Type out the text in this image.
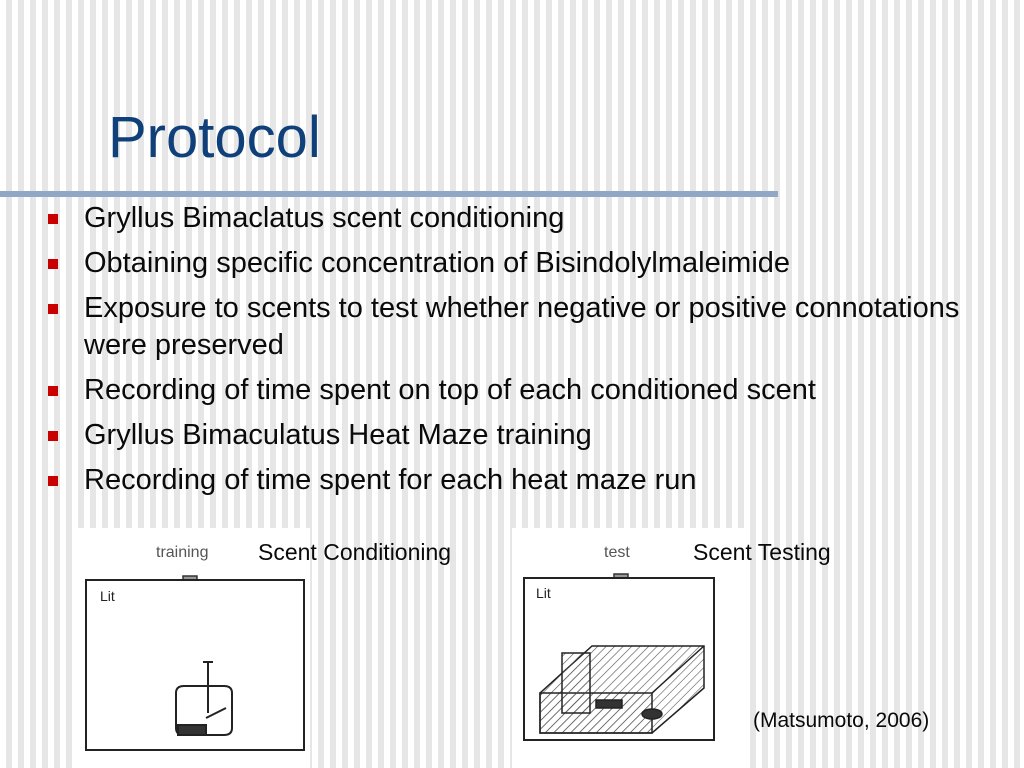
Protocol
Gryllus Bimaclatus scent conditioning
Obtaining specific concentration of Bisindolylmaleimide
Exposure to scents to test whether negative or positive connotations were preserved
Recording of time spent on top of each conditioned scent
Gryllus Bimaculatus Heat Maze training
Recording of time spent for each heat maze run
training
Lit
test
Lit
Scent Conditioning	Scent Testing
(Matsumoto, 2006)
